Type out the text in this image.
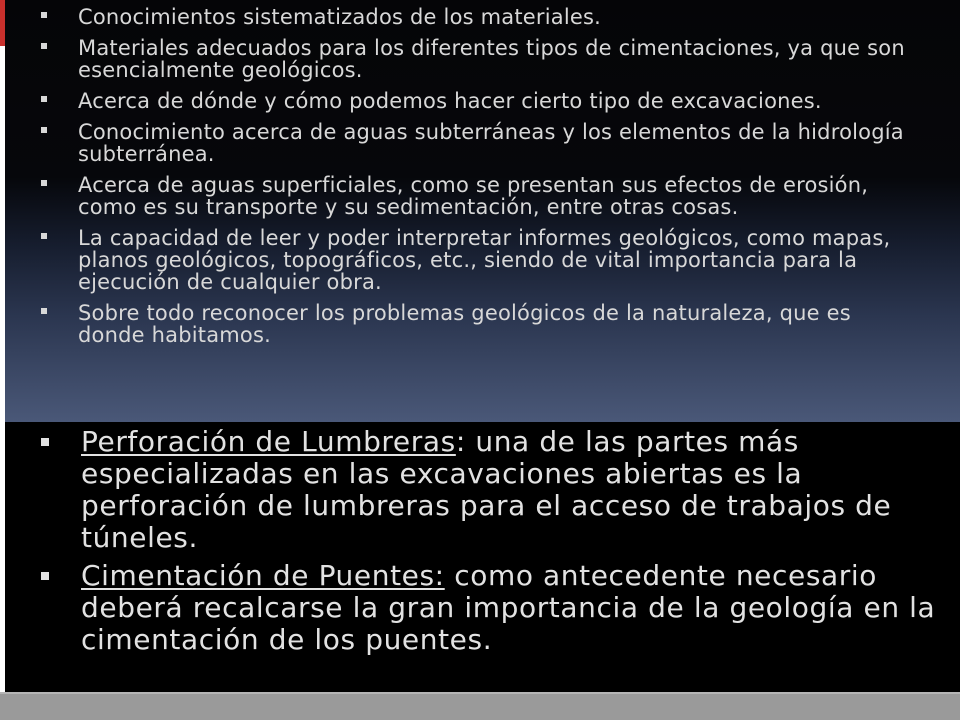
Conocimientos sistematizados de los materiales.
Materiales adecuados para los diferentes tipos de cimentaciones, ya que son esencialmente geológicos.
Acerca de dónde y cómo podemos hacer cierto tipo de excavaciones.
Conocimiento acerca de aguas subterráneas y los elementos de la hidrología subterránea.
Acerca de aguas superficiales, como se presentan sus efectos de erosión, como es su transporte y su sedimentación, entre otras cosas.
La capacidad de leer y poder interpretar informes geológicos, como mapas, planos geológicos, topográficos, etc., siendo de vital importancia para la ejecución de cualquier obra.
Sobre todo reconocer los problemas geológicos de la naturaleza, que es donde habitamos.
Perforación de Lumbreras: una de las partes más especializadas en las excavaciones abiertas es la perforación de lumbreras para el acceso de trabajos de túneles.
Cimentación de Puentes: como antecedente necesario deberá recalcarse la gran importancia de la geología en la cimentación de los puentes.
